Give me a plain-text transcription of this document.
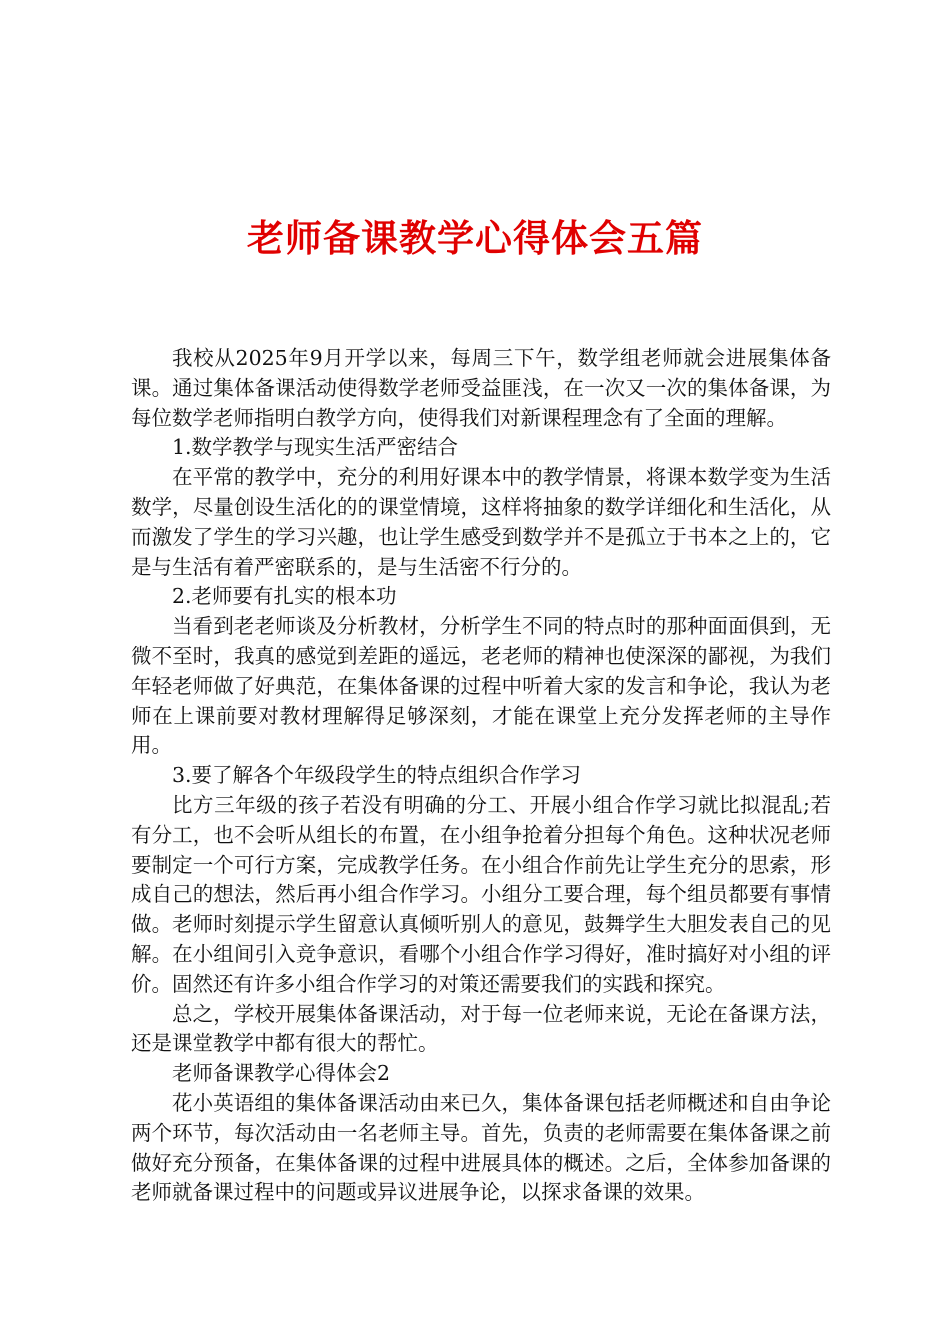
老师备课教学心得体会五篇

我校从2025年9月开学以来，每周三下午，数学组老师就会进展集体备课。通过集体备课活动使得数学老师受益匪浅，在一次又一次的集体备课，为每位数学老师指明白教学方向，使得我们对新课程理念有了全面的理解。

1.数学教学与现实生活严密结合

在平常的教学中，充分的利用好课本中的教学情景，将课本数学变为生活数学，尽量创设生活化的的课堂情境，这样将抽象的数学详细化和生活化，从而激发了学生的学习兴趣，也让学生感受到数学并不是孤立于书本之上的，它是与生活有着严密联系的，是与生活密不行分的。

2.老师要有扎实的根本功

当看到老老师谈及分析教材，分析学生不同的特点时的那种面面俱到，无微不至时，我真的感觉到差距的遥远，老老师的精神也使深深的鄙视，为我们年轻老师做了好典范，在集体备课的过程中听着大家的发言和争论，我认为老师在上课前要对教材理解得足够深刻，才能在课堂上充分发挥老师的主导作用。

3.要了解各个年级段学生的特点组织合作学习

比方三年级的孩子若没有明确的分工、开展小组合作学习就比拟混乱;若有分工，也不会听从组长的布置，在小组争抢着分担每个角色。这种状况老师要制定一个可行方案，完成教学任务。在小组合作前先让学生充分的思索，形成自己的想法，然后再小组合作学习。小组分工要合理，每个组员都要有事情做。老师时刻提示学生留意认真倾听别人的意见，鼓舞学生大胆发表自己的见解。在小组间引入竞争意识，看哪个小组合作学习得好，准时搞好对小组的评价。固然还有许多小组合作学习的对策还需要我们的实践和探究。

总之，学校开展集体备课活动，对于每一位老师来说，无论在备课方法，还是课堂教学中都有很大的帮忙。

老师备课教学心得体会2

花小英语组的集体备课活动由来已久，集体备课包括老师概述和自由争论两个环节，每次活动由一名老师主导。首先，负责的老师需要在集体备课之前做好充分预备，在集体备课的过程中进展具体的概述。之后，全体参加备课的老师就备课过程中的问题或异议进展争论，以探求备课的效果。
